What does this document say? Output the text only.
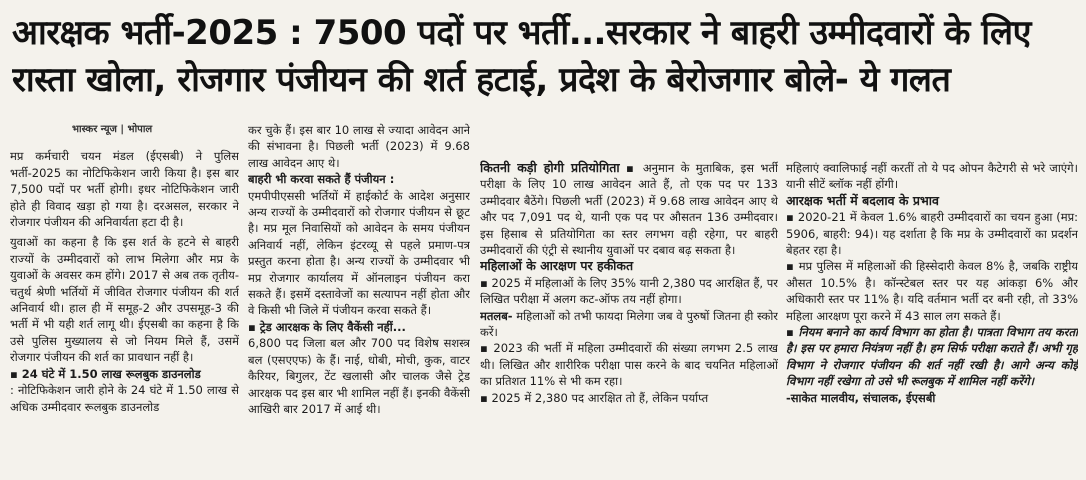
आरक्षक भर्ती-2025 : 7500 पदों पर भर्ती...सरकार ने बाहरी उम्मीदवारों के लिए
रास्ता खोला, रोजगार पंजीयन की शर्त हटाई, प्रदेश के बेरोजगार बोले- ये गलत

भास्कर न्यूज | भोपाल

मप्र कर्मचारी चयन मंडल (ईएसबी) ने पुलिस भर्ती-2025 का नोटिफिकेशन जारी किया है। इस बार 7,500 पदों पर भर्ती होगी। इधर नोटिफिकेशन जारी होते ही विवाद खड़ा हो गया है। दरअसल, सरकार ने रोजगार पंजीयन की अनिवार्यता हटा दी है।

युवाओं का कहना है कि इस शर्त के हटने से बाहरी राज्यों के उम्मीदवारों को लाभ मिलेगा और मप्र के युवाओं के अवसर कम होंगे। 2017 से अब तक तृतीय-चतुर्थ श्रेणी भर्तियों में जीवित रोजगार पंजीयन की शर्त अनिवार्य थी। हाल ही में समूह-2 और उपसमूह-3 की भर्ती में भी यही शर्त लागू थी। ईएसबी का कहना है कि उसे पुलिस मुख्यालय से जो नियम मिले हैं, उसमें रोजगार पंजीयन की शर्त का प्रावधान नहीं है।

▪ 24 घंटे में 1.50 लाख रूलबुक डाउनलोड

: नोटिफिकेशन जारी होने के 24 घंटे में 1.50 लाख से अधिक उम्मीदवार रूलबुक डाउनलोड

कर चुके हैं। इस बार 10 लाख से ज्यादा आवेदन आने की संभावना है। पिछली भर्ती (2023) में 9.68 लाख आवेदन आए थे।

बाहरी भी करवा सकते हैं पंजीयन :

एमपीपीएससी भर्तियों में हाईकोर्ट के आदेश अनुसार अन्य राज्यों के उम्मीदवारों को रोजगार पंजीयन से छूट है। मप्र मूल निवासियों को आवेदन के समय पंजीयन अनिवार्य नहीं, लेकिन इंटरव्यू से पहले प्रमाण-पत्र प्रस्तुत करना होता है। अन्य राज्यों के उम्मीदवार भी मप्र रोजगार कार्यालय में ऑनलाइन पंजीयन करा सकते हैं। इसमें दस्तावेजों का सत्यापन नहीं होता और वे किसी भी जिले में पंजीयन करवा सकते हैं।

▪ ट्रेड आरक्षक के लिए वैकेंसी नहीं...

6,800 पद जिला बल और 700 पद विशेष सशस्त्र बल (एसएएफ) के हैं। नाई, धोबी, मोची, कुक, वाटर कैरियर, बिगुलर, टेंट खलासी और चालक जैसे ट्रेड आरक्षक पद इस बार भी शामिल नहीं हैं। इनकी वैकेंसी आखिरी बार 2017 में आई थी।

कितनी कड़ी होगी प्रतियोगिता ▪ अनुमान के मुताबिक, इस भर्ती परीक्षा के लिए 10 लाख आवेदन आते हैं, तो एक पद पर 133 उम्मीदवार बैठेंगे। पिछली भर्ती (2023) में 9.68 लाख आवेदन आए थे और पद 7,091 पद थे, यानी एक पद पर औसतन 136 उम्मीदवार। इस हिसाब से प्रतियोगिता का स्तर लगभग वही रहेगा, पर बाहरी उम्मीदवारों की एंट्री से स्थानीय युवाओं पर दबाव बढ़ सकता है।

महिलाओं के आरक्षण पर हकीकत

▪ 2025 में महिलाओं के लिए 35% यानी 2,380 पद आरक्षित हैं, पर लिखित परीक्षा में अलग कट-ऑफ तय नहीं होगा।

मतलब- महिलाओं को तभी फायदा मिलेगा जब वे पुरुषों जितना ही स्कोर करें।

▪ 2023 की भर्ती में महिला उम्मीदवारों की संख्या लगभग 2.5 लाख थी। लिखित और शारीरिक परीक्षा पास करने के बाद चयनित महिलाओं का प्रतिशत 11% से भी कम रहा।

▪ 2025 में 2,380 पद आरक्षित तो हैं, लेकिन पर्याप्त

महिलाएं क्वालिफाई नहीं करतीं तो ये पद ओपन कैटेगरी से भरे जाएंगे। यानी सीटें ब्लॉक नहीं होंगी।

आरक्षक भर्ती में बदलाव के प्रभाव

▪ 2020-21 में केवल 1.6% बाहरी उम्मीदवारों का चयन हुआ (मप्र: 5906, बाहरी: 94)। यह दर्शाता है कि मप्र के उम्मीदवारों का प्रदर्शन बेहतर रहा है।

▪ मप्र पुलिस में महिलाओं की हिस्सेदारी केवल 8% है, जबकि राष्ट्रीय औसत 10.5% है। कॉन्स्टेबल स्तर पर यह आंकड़ा 6% और अधिकारी स्तर पर 11% है। यदि वर्तमान भर्ती दर बनी रही, तो 33% महिला आरक्षण पूरा करने में 43 साल लग सकते हैं।

▪ नियम बनाने का कार्य विभाग का होता है। पात्रता विभाग तय करता है। इस पर हमारा नियंत्रण नहीं है। हम सिर्फ परीक्षा कराते हैं। अभी गृह विभाग ने रोजगार पंजीयन की शर्त नहीं रखी है। आगे अन्य कोई विभाग नहीं रखेगा तो उसे भी रूलबुक में शामिल नहीं करेंगे।

-साकेत मालवीय, संचालक, ईएसबी
